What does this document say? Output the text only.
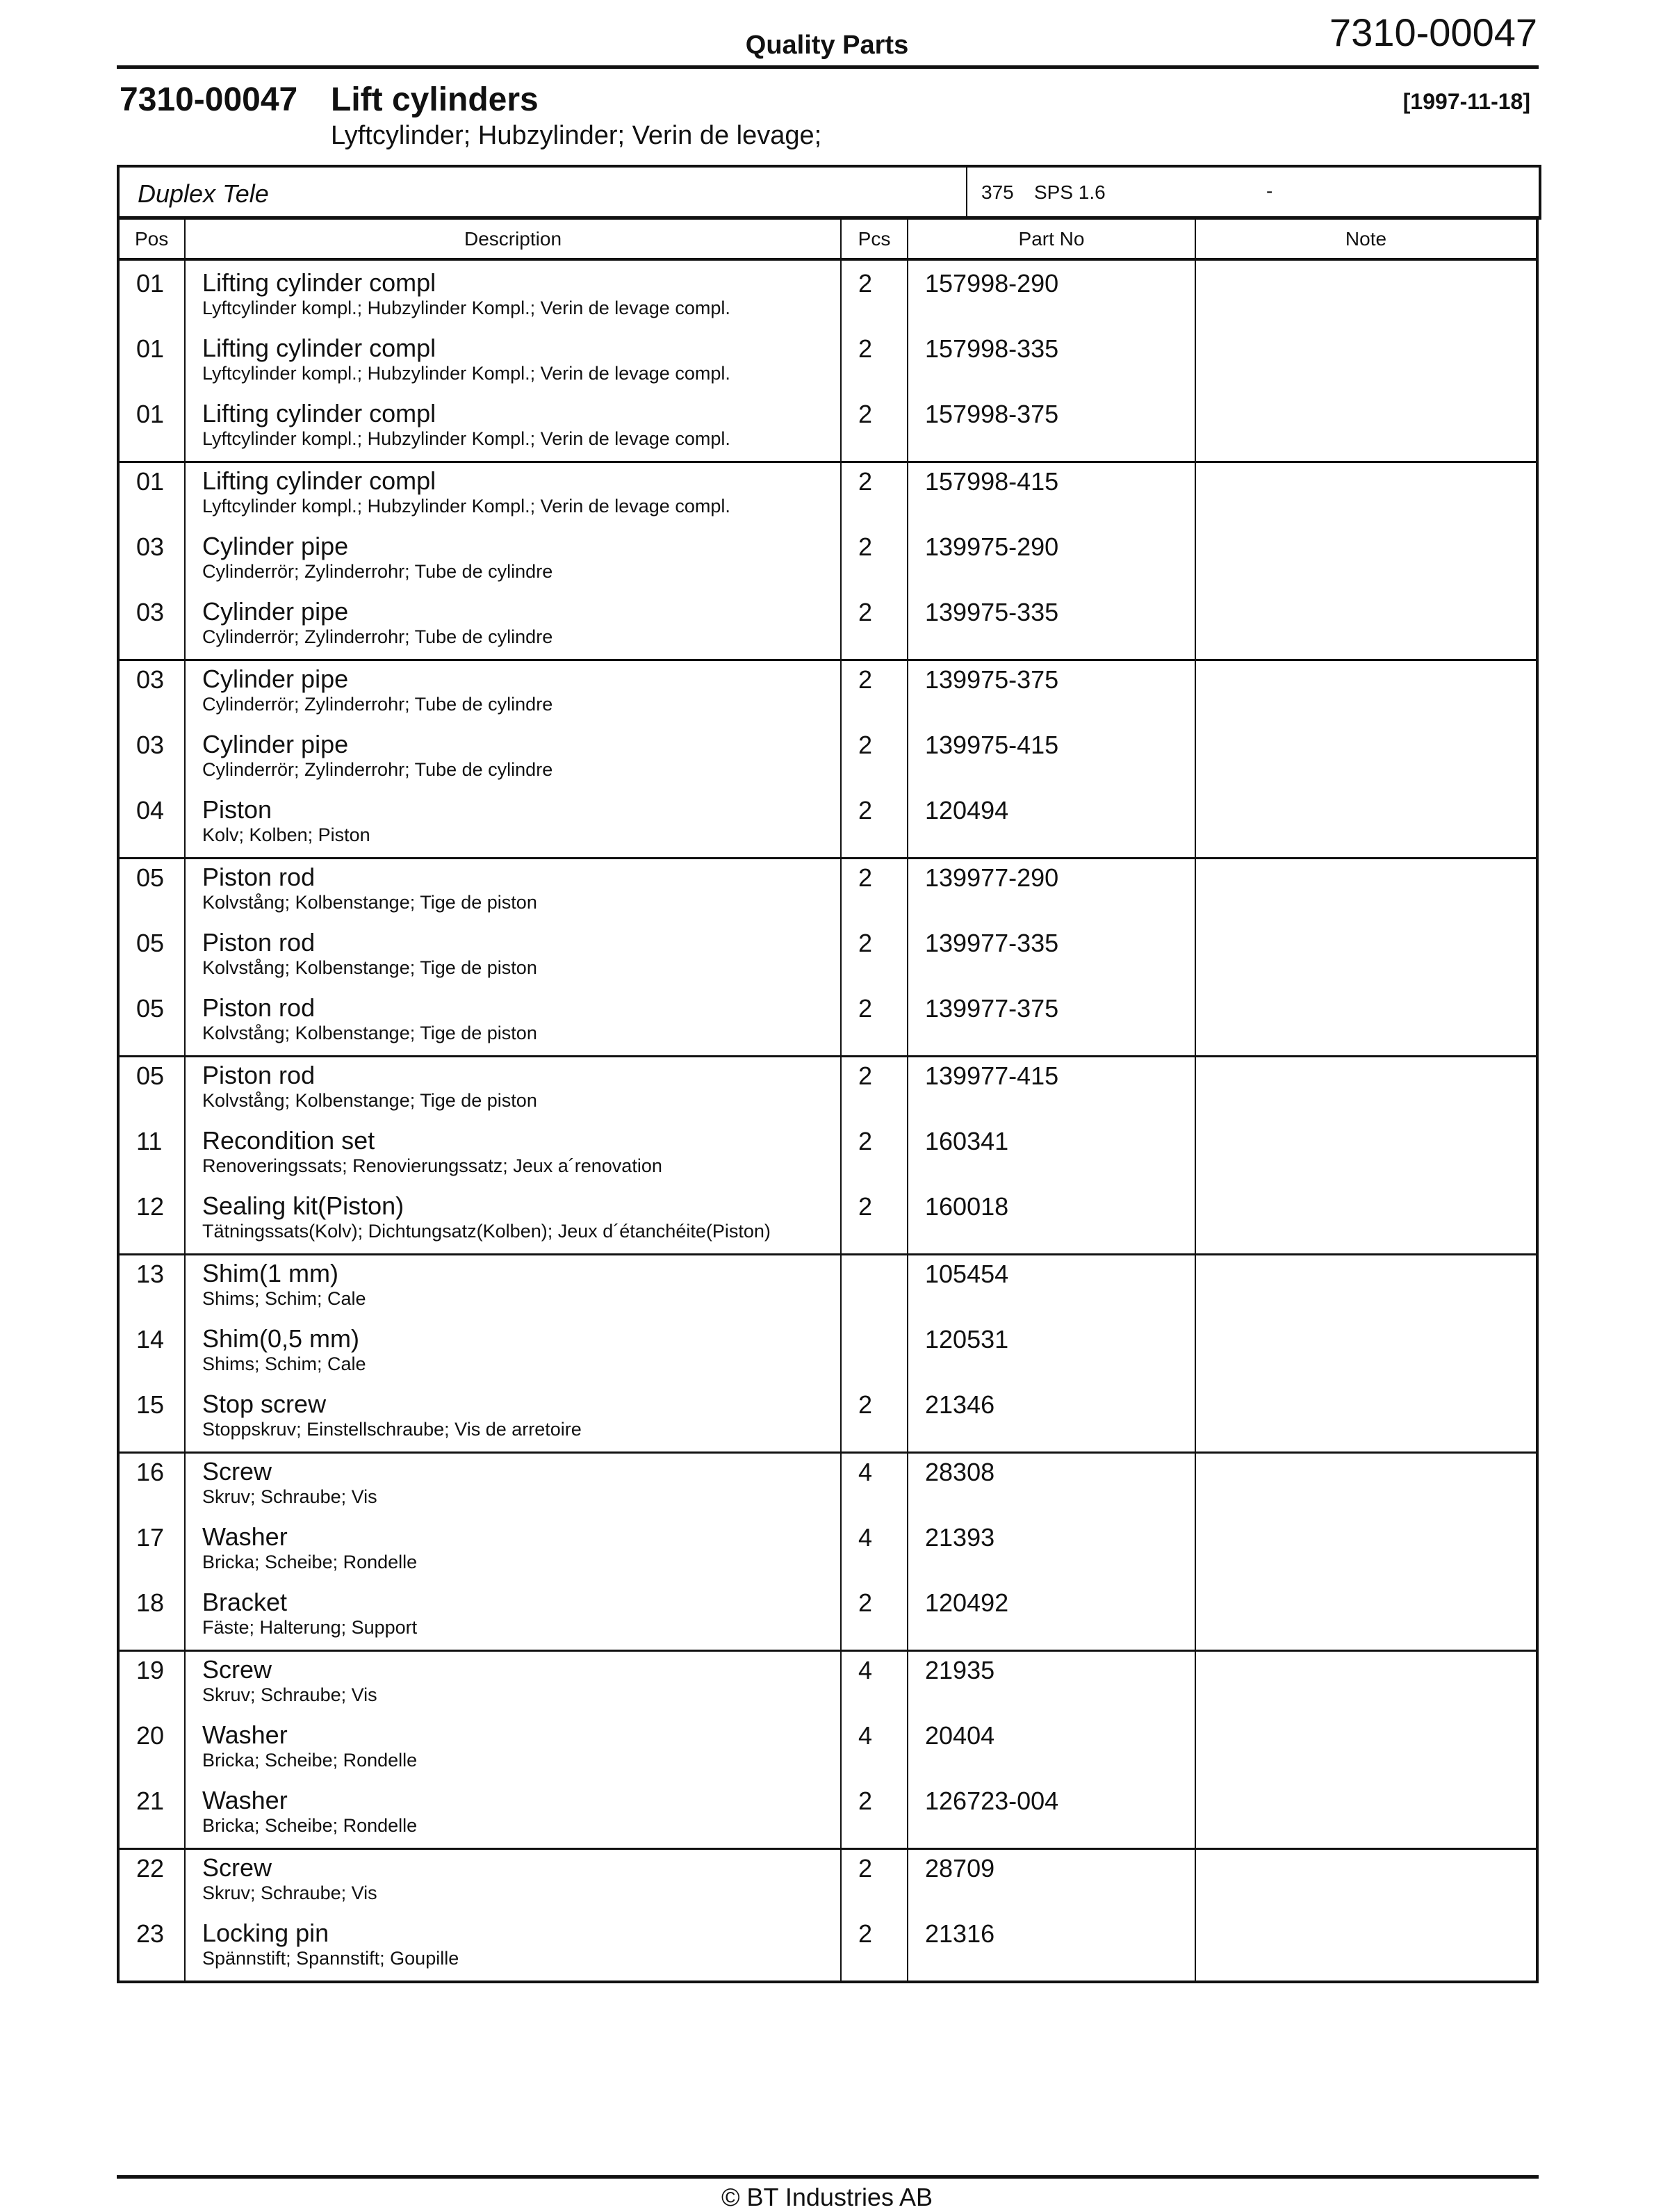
Quality Parts	7310-00047
7310-00047 Lift cylinders	[1997-11-18]
Lyftcylinder; Hubzylinder; Verin de levage;
Duplex Tele	375 SPS 1.6	-
Pos	Description	Pcs	Part No	Note

01	Lifting cylinder compl
Lyftcylinder kompl.; Hubzylinder Kompl.; Verin de levage compl.	2	157998-290	
01	Lifting cylinder compl
Lyftcylinder kompl.; Hubzylinder Kompl.; Verin de levage compl.	2	157998-335	
01	Lifting cylinder compl
Lyftcylinder kompl.; Hubzylinder Kompl.; Verin de levage compl.	2	157998-375	
01	Lifting cylinder compl
Lyftcylinder kompl.; Hubzylinder Kompl.; Verin de levage compl.	2	157998-415	
03	Cylinder pipe
Cylinderrör; Zylinderrohr; Tube de cylindre	2	139975-290	
03	Cylinder pipe
Cylinderrör; Zylinderrohr; Tube de cylindre	2	139975-335	
03	Cylinder pipe
Cylinderrör; Zylinderrohr; Tube de cylindre	2	139975-375	
03	Cylinder pipe
Cylinderrör; Zylinderrohr; Tube de cylindre	2	139975-415	
04	Piston
Kolv; Kolben; Piston	2	120494	
05	Piston rod
Kolvstång; Kolbenstange; Tige de piston	2	139977-290	
05	Piston rod
Kolvstång; Kolbenstange; Tige de piston	2	139977-335	
05	Piston rod
Kolvstång; Kolbenstange; Tige de piston	2	139977-375	
05	Piston rod
Kolvstång; Kolbenstange; Tige de piston	2	139977-415	
11	Recondition set
Renoveringssats; Renovierungssatz; Jeux a´renovation	2	160341	
12	Sealing kit(Piston)
Tätningssats(Kolv); Dichtungsatz(Kolben); Jeux d´étanchéite(Piston)	2	160018	
13	Shim(1 mm)
Shims; Schim; Cale		105454	
14	Shim(0,5 mm)
Shims; Schim; Cale		120531	
15	Stop screw
Stoppskruv; Einstellschraube; Vis de arretoire	2	21346	
16	Screw
Skruv; Schraube; Vis	4	28308	
17	Washer
Bricka; Scheibe; Rondelle	4	21393	
18	Bracket
Fäste; Halterung; Support	2	120492	
19	Screw
Skruv; Schraube; Vis	4	21935	
20	Washer
Bricka; Scheibe; Rondelle	4	20404	
21	Washer
Bricka; Scheibe; Rondelle	2	126723-004	
22	Screw
Skruv; Schraube; Vis	2	28709	
23	Locking pin
Spännstift; Spannstift; Goupille	2	21316	
© BT Industries AB
